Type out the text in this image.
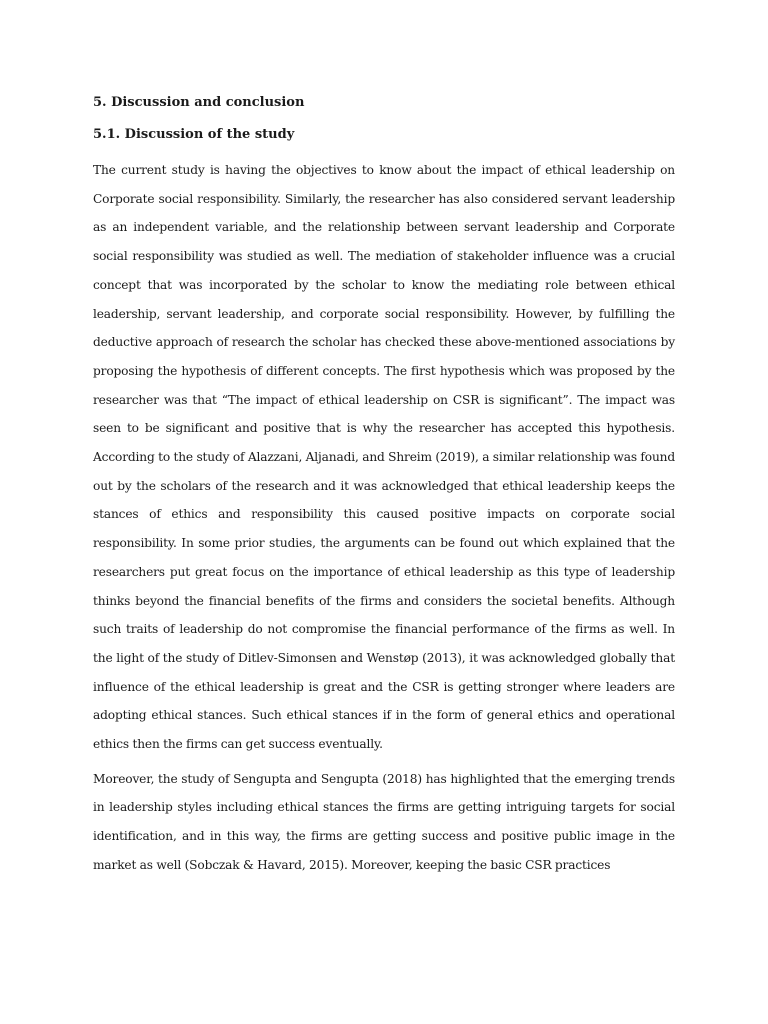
5. Discussion and conclusion
5.1. Discussion of the study

The current study is having the objectives to know about the impact of ethical leadership on Corporate social responsibility. Similarly, the researcher has also considered servant leadership as an independent variable, and the relationship between servant leadership and Corporate social responsibility was studied as well. The mediation of stakeholder influence was a crucial concept that was incorporated by the scholar to know the mediating role between ethical leadership, servant leadership, and corporate social responsibility. However, by fulfilling the deductive approach of research the scholar has checked these above-mentioned associations by proposing the hypothesis of different concepts. The first hypothesis which was proposed by the researcher was that “The impact of ethical leadership on CSR is significant”. The impact was seen to be significant and positive that is why the researcher has accepted this hypothesis. According to the study of Alazzani, Aljanadi, and Shreim (2019), a similar relationship was found out by the scholars of the research and it was acknowledged that ethical leadership keeps the stances of ethics and responsibility this caused positive impacts on corporate social responsibility. In some prior studies, the arguments can be found out which explained that the researchers put great focus on the importance of ethical leadership as this type of leadership thinks beyond the financial benefits of the firms and considers the societal benefits. Although such traits of leadership do not compromise the financial performance of the firms as well. In the light of the study of Ditlev-Simonsen and Wenstøp (2013), it was acknowledged globally that influence of the ethical leadership is great and the CSR is getting stronger where leaders are adopting ethical stances. Such ethical stances if in the form of general ethics and operational ethics then the firms can get success eventually.

Moreover, the study of Sengupta and Sengupta (2018) has highlighted that the emerging trends in leadership styles including ethical stances the firms are getting intriguing targets for social identification, and in this way, the firms are getting success and positive public image in the market as well (Sobczak & Havard, 2015). Moreover, keeping the basic CSR practices
